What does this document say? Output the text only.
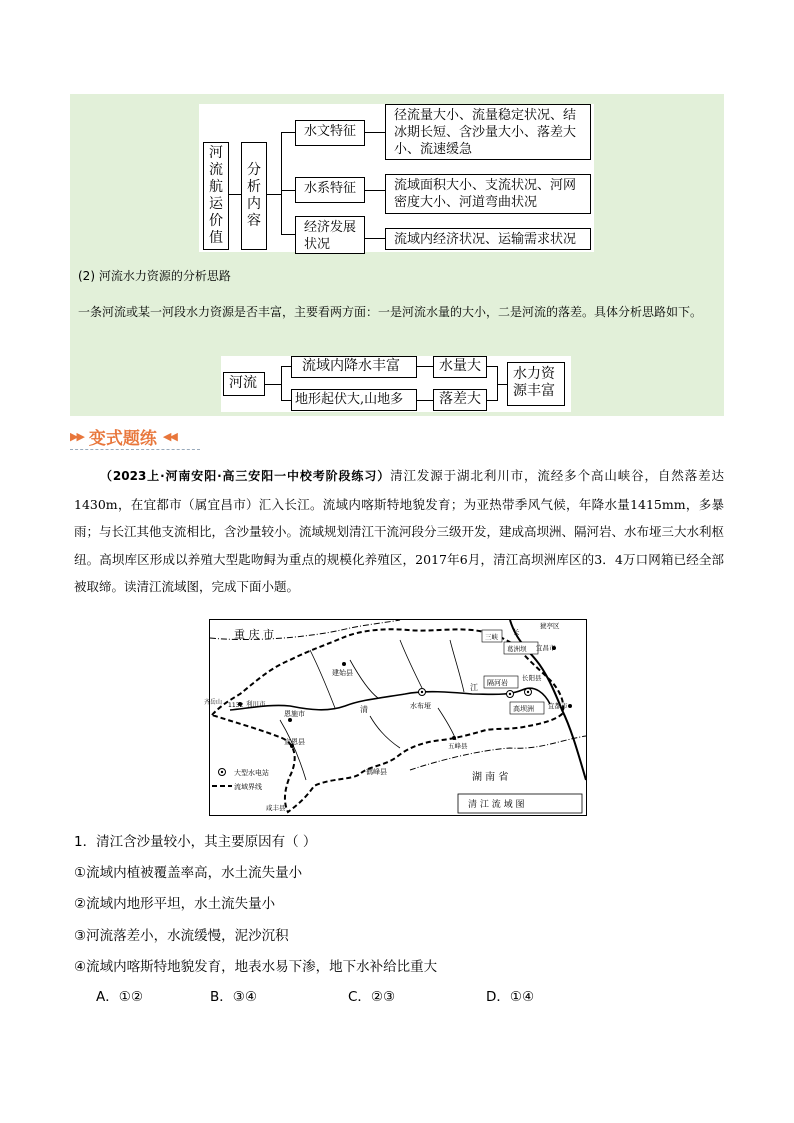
河流航运价值
分析内容
水文特征
径流量大小、流量稳定状况、结冰期长短、含沙量大小、落差大小、流速缓急
水系特征	流域面积大小、支流状况、河网密度大小、河道弯曲状况
经济发展状况	流域内经济状况、运输需求状况
(2) 河流水力资源的分析思路
一条河流或某一河段水力资源是否丰富，主要看两方面：一是河流水量的大小，二是河流的落差。具体分析思路如下。
河流
流域内降水丰富
地形起伏大,山地多
水量大
落差大
水力资源丰富
▶▶ 变式题练 ◀◀
（2023上·河南安阳·高三安阳一中校考阶段练习）清江发源于湖北利川市，流经多个高山峡谷，自然落差达1430m，在宜都市（属宜昌市）汇入长江。流域内喀斯特地貌发育；为亚热带季风气候，年降水量1415mm，多暴雨；与长江其他支流相比，含沙量较小。流域规划清江干流河段分三级开发，建成高坝洲、隔河岩、水布垭三大水利枢纽。高坝库区形成以养殖大型匙吻鲟为重点的规模化养殖区，2017年6月，清江高坝洲库区的3．4万口网箱已经全部被取缔。读清江流域图，完成下面小题。
重 庆 市
建始县
齐岳山 1132 利川市
恩施市
宣恩县
鹤峰县
咸丰县
五峰县
水布垭
清
江 隔河岩
高坝洲
长阳县
宜都市
三峡
长
葛洲坝
猇亭区
宜昌市
湖 南 省
大型水电站
流域界线
清 江 流 域 图
1．清江含沙量较小，其主要原因有（ ）
①流域内植被覆盖率高，水土流失量小
②流域内地形平坦，水土流失量小
③河流落差小，水流缓慢，泥沙沉积
④流域内喀斯特地貌发育，地表水易下渗，地下水补给比重大
A．①②	B．③④	C．②③	D．①④
